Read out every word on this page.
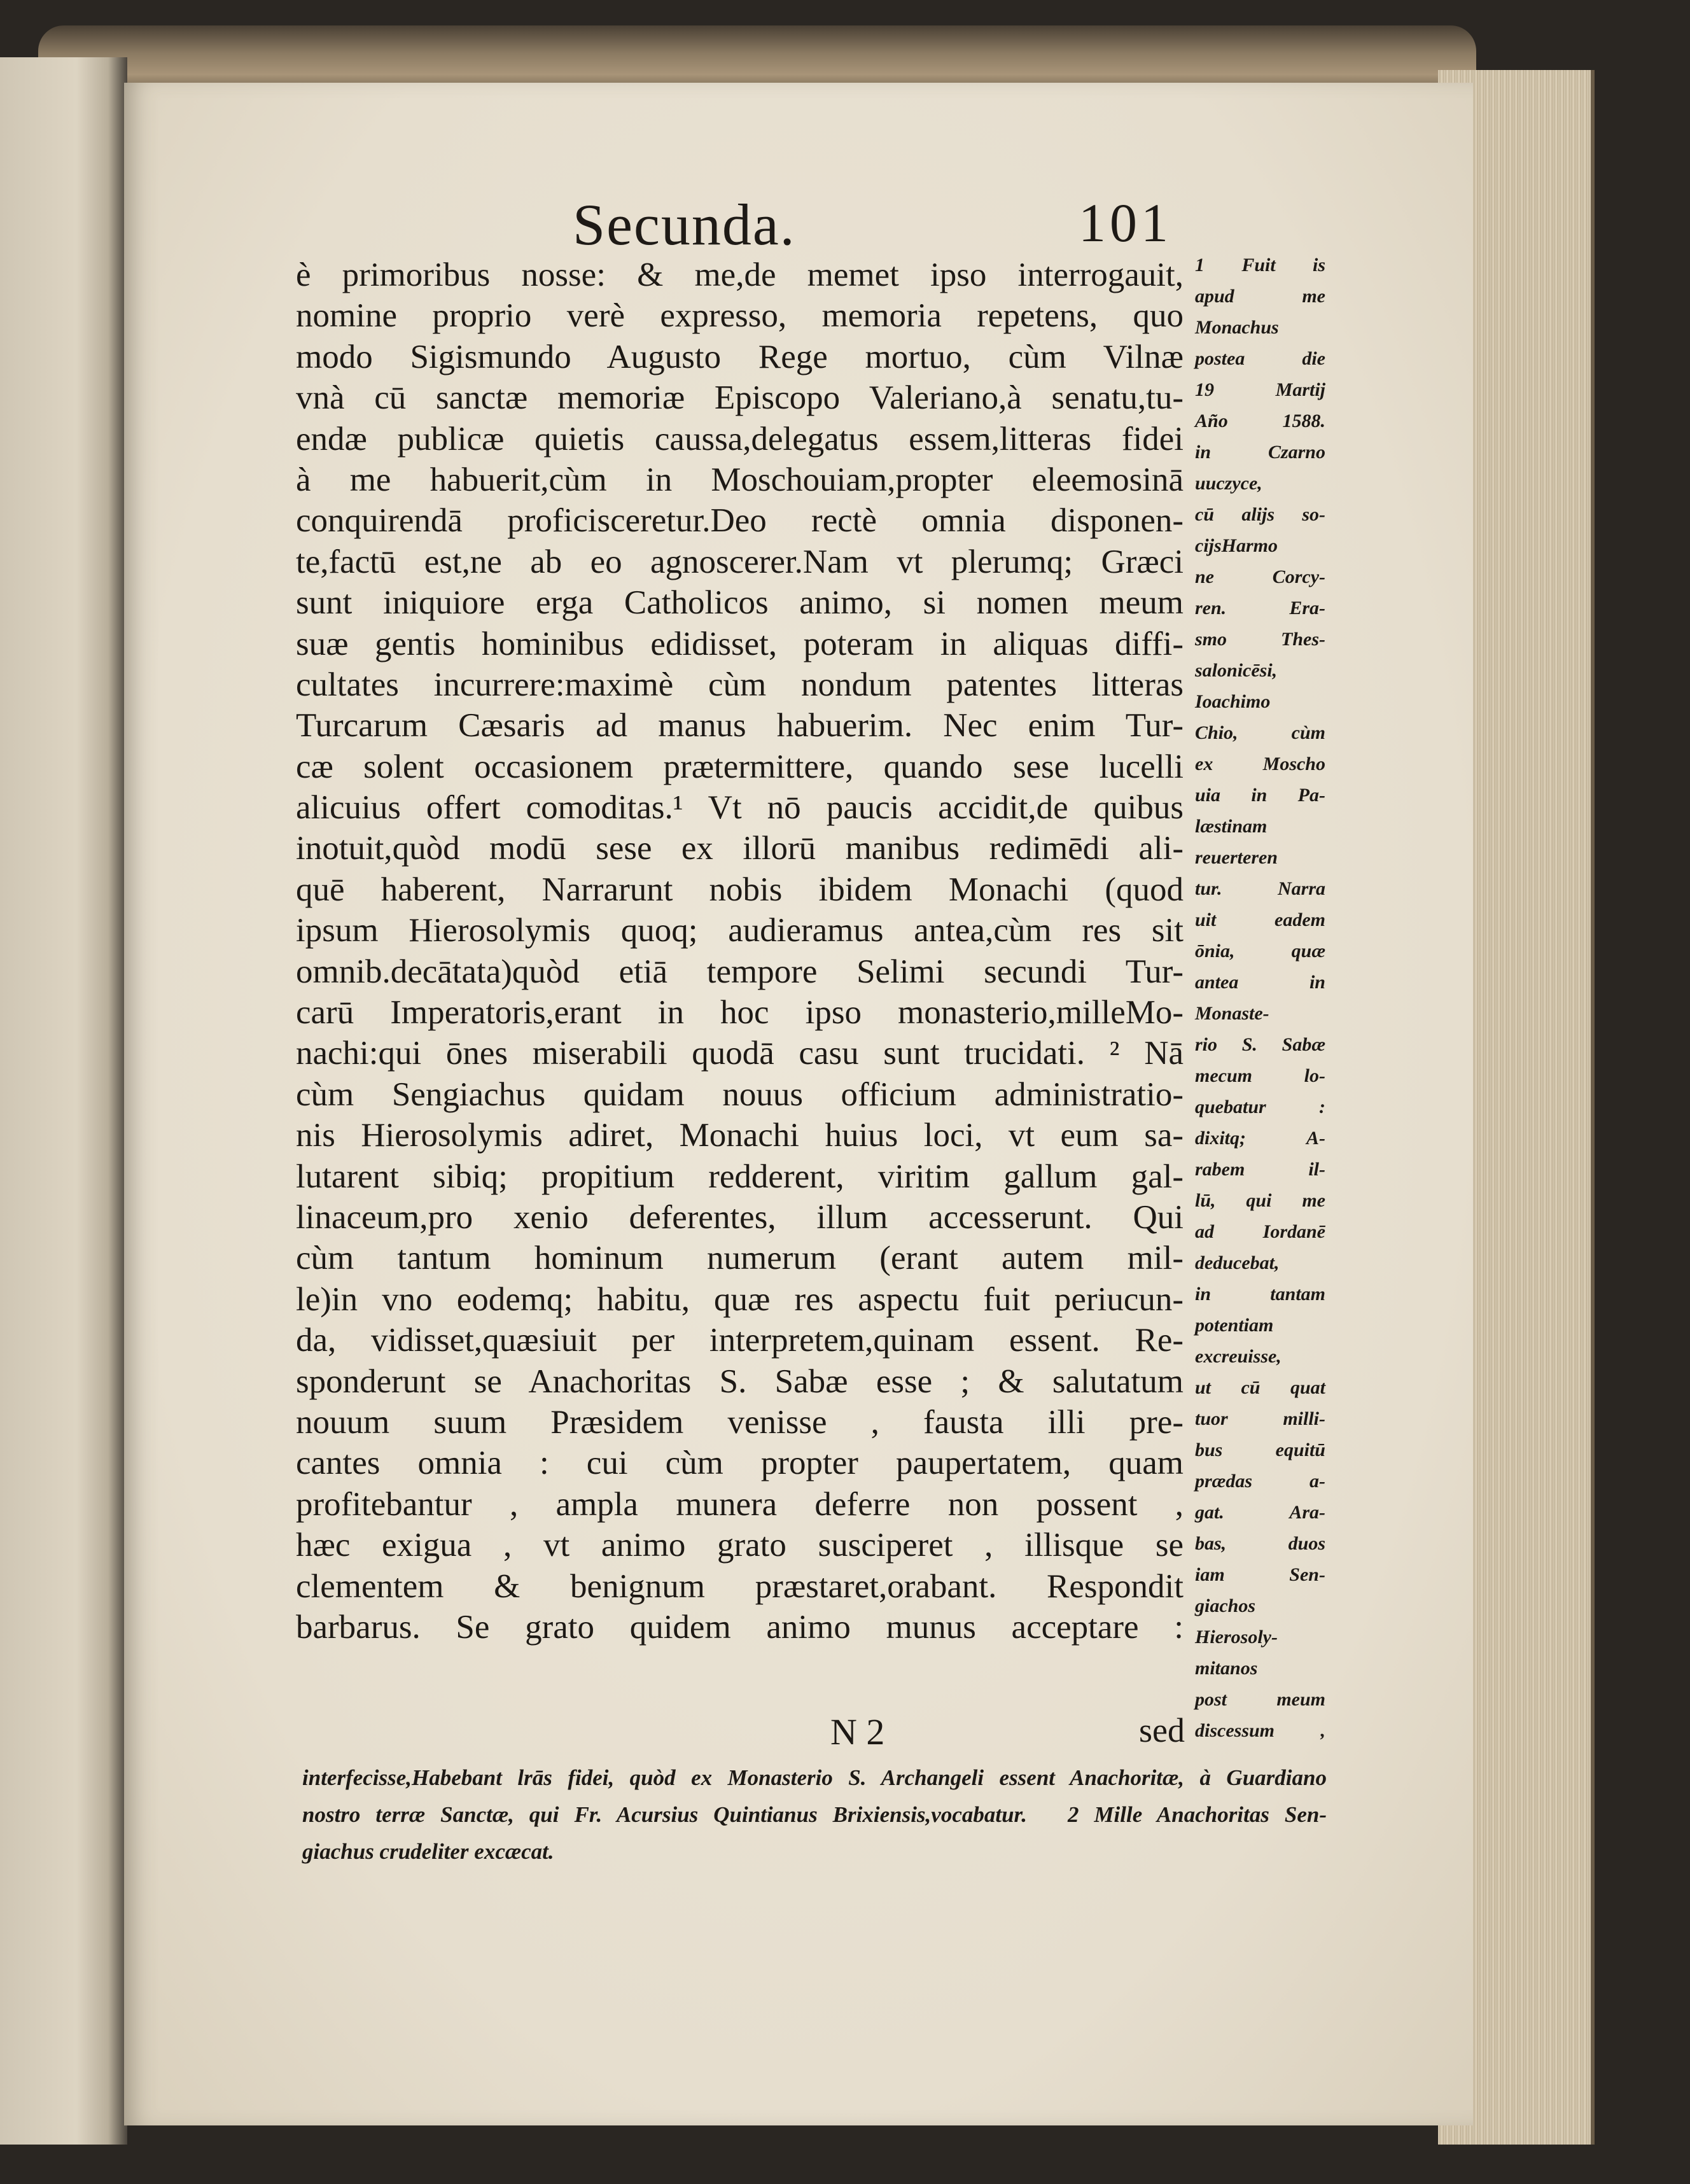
Secunda.	101
è primoribus nosse: & me,de memet ipso interrogauit,
nomine proprio verè expresso, memoria repetens, quo
modo Sigismundo Augusto Rege mortuo, cùm Vilnæ
vnà cū sanctæ memoriæ Episcopo Valeriano,à senatu,tu-
endæ publicæ quietis caussa,delegatus essem,litteras fidei
à me habuerit,cùm in Moschouiam,propter eleemosinā
conquirendā proficisceretur.Deo rectè omnia disponen-
te,factū est,ne ab eo agnoscerer.Nam vt plerumq; Græci
sunt iniquiore erga Catholicos animo, si nomen meum
suæ gentis hominibus edidisset, poteram in aliquas diffi-
cultates incurrere:maximè cùm nondum patentes litteras
Turcarum Cæsaris ad manus habuerim. Nec enim Tur-
cæ solent occasionem prætermittere, quando sese lucelli
alicuius offert comoditas.¹ Vt nō paucis accidit,de quibus
inotuit,quòd modū sese ex illorū manibus redimēdi ali-
quē haberent, Narrarunt nobis ibidem Monachi (quod
ipsum Hierosolymis quoq; audieramus antea,cùm res sit
omnib.decātata)quòd etiā tempore Selimi secundi Tur-
carū Imperatoris,erant in hoc ipso monasterio,milleMo-
nachi:qui ōnes miserabili quodā casu sunt trucidati. ² Nā
cùm Sengiachus quidam nouus officium administratio-
nis Hierosolymis adiret, Monachi huius loci, vt eum sa-
lutarent sibiq; propitium redderent, viritim gallum gal-
linaceum,pro xenio deferentes, illum accesserunt. Qui
cùm tantum hominum numerum (erant autem mil-
le)in vno eodemq; habitu, quæ res aspectu fuit periucun-
da, vidisset,quæsiuit per interpretem,quinam essent. Re-
sponderunt se Anachoritas S. Sabæ esse ; & salutatum
nouum suum Præsidem venisse , fausta illi pre-
cantes omnia : cui cùm propter paupertatem, quam
profitebantur , ampla munera deferre non possent ,
hæc exigua , vt animo grato susciperet , illisque se
clementem & benignum præstaret,orabant. Respondit
barbarus. Se grato quidem animo munus acceptare :
1 Fuit is
apud me
Monachus
postea die
19 Martij
Año 1588.
in Czarno
uuczyce,
cū alijs so-
cijsHarmo
ne Corcy-
ren. Era-
smo Thes-
salonicēsi,
Ioachimo
Chio, cùm
ex Moscho
uia in Pa-
læstinam
reuerteren
tur. Narra
uit eadem
ōnia, quæ
antea in
Monaste-
rio S. Sabæ
mecum lo-
quebatur :
dixitq; A-
rabem il-
lū, qui me
ad Iordanē
deducebat,
in tantam
potentiam
excreuisse,
ut cū quat
tuor milli-
bus equitū
prædas a-
gat. Ara-
bas, duos
iam Sen-
giachos
Hierosoly-
mitanos
post meum
discessum ,
N 2	sed
interfecisse,Habebant lrās fidei, quòd ex Monasterio S. Archangeli essent Anachoritæ, à Guardiano
nostro terræ Sanctæ, qui Fr. Acursius Quintianus Brixiensis,vocabatur. 2 Mille Anachoritas Sen-
giachus crudeliter excæcat.
